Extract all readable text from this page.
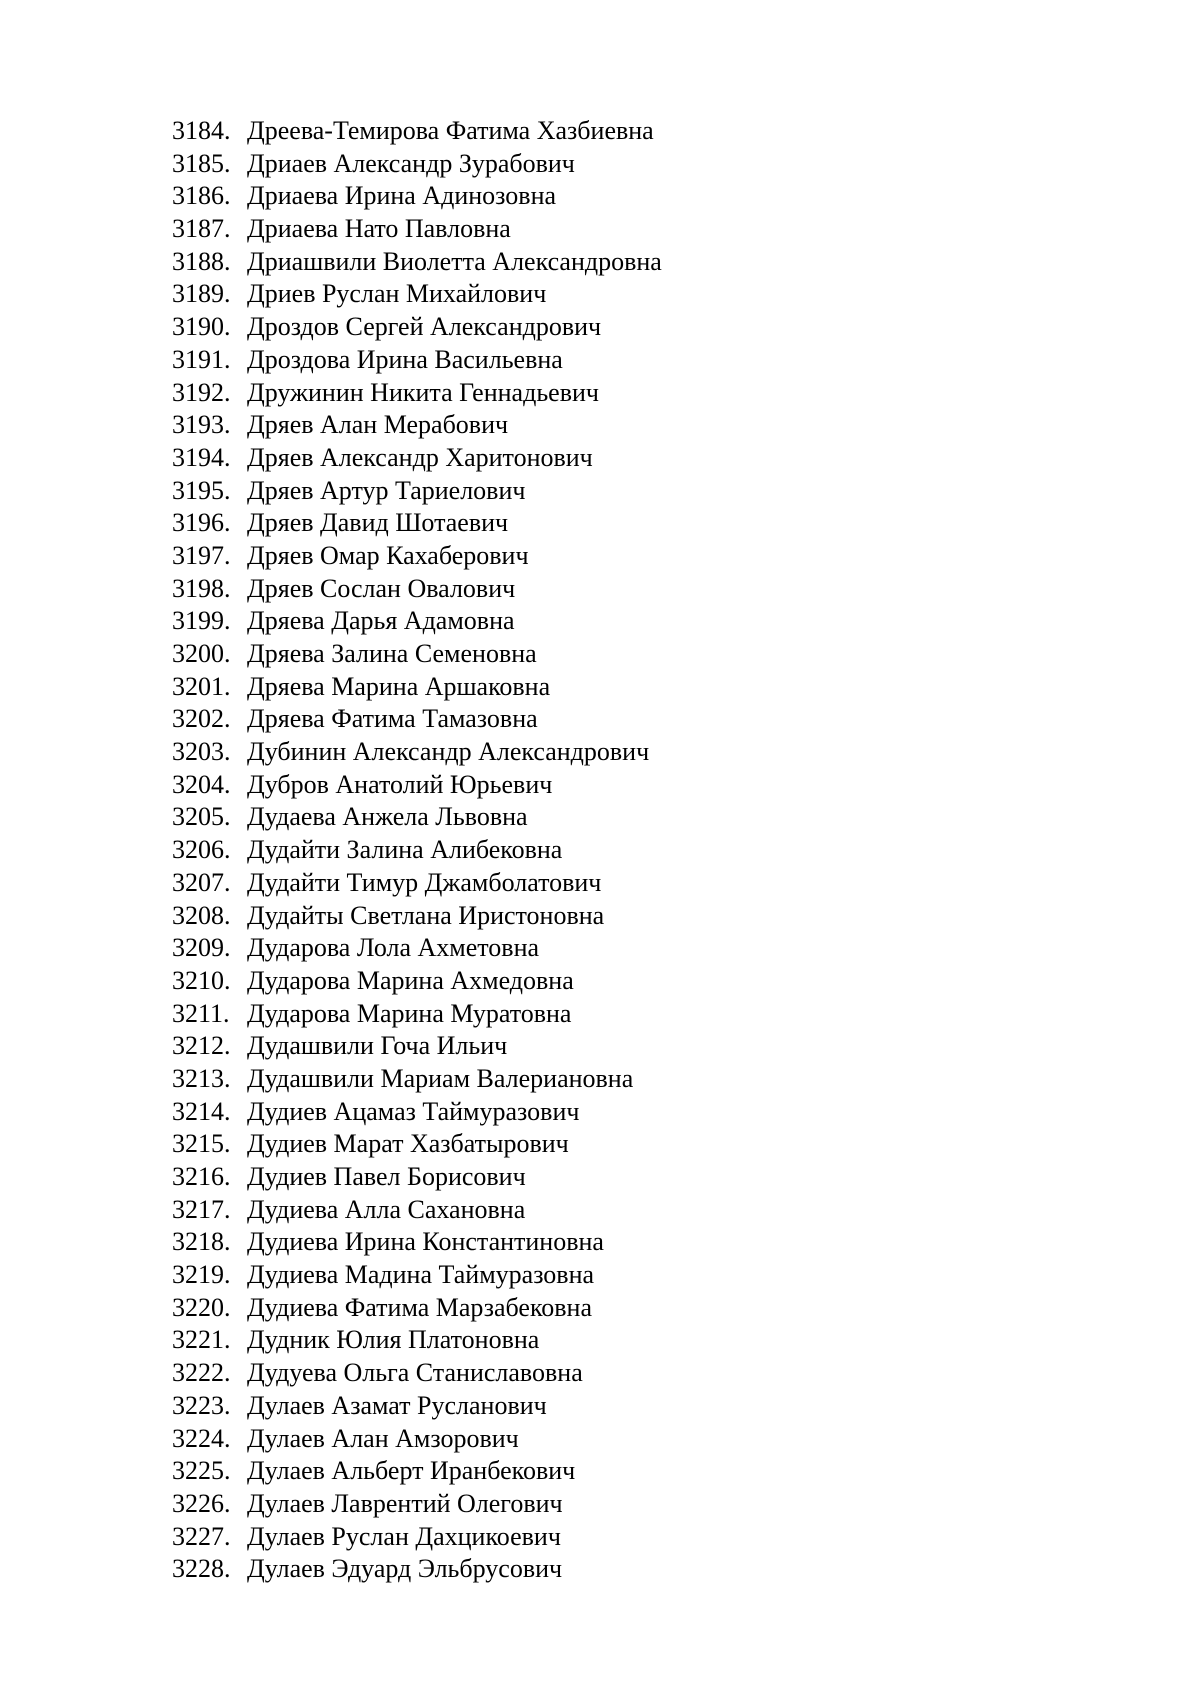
3184. Дреева-Темирова Фатима Хазбиевна
3185. Дриаев Александр Зурабович
3186. Дриаева Ирина Адинозовна
3187. Дриаева Нато Павловна
3188. Дриашвили Виолетта Александровна
3189. Дриев Руслан Михайлович
3190. Дроздов Сергей Александрович
3191. Дроздова Ирина Васильевна
3192. Дружинин Никита Геннадьевич
3193. Дряев Алан Мерабович
3194. Дряев Александр Харитонович
3195. Дряев Артур Тариелович
3196. Дряев Давид Шотаевич
3197. Дряев Омар Кахаберович
3198. Дряев Сослан Овалович
3199. Дряева Дарья Адамовна
3200. Дряева Залина Семеновна
3201. Дряева Марина Аршаковна
3202. Дряева Фатима Тамазовна
3203. Дубинин Александр Александрович
3204. Дубров Анатолий Юрьевич
3205. Дудаева Анжела Львовна
3206. Дудайти Залина Алибековна
3207. Дудайти Тимур Джамболатович
3208. Дудайты Светлана Иристоновна
3209. Дударова Лола Ахметовна
3210. Дударова Марина Ахмедовна
3211. Дударова Марина Муратовна
3212. Дудашвили Гоча Ильич
3213. Дудашвили Мариам Валериановна
3214. Дудиев Ацамаз Таймуразович
3215. Дудиев Марат Хазбатырович
3216. Дудиев Павел Борисович
3217. Дудиева Алла Сахановна
3218. Дудиева Ирина Константиновна
3219. Дудиева Мадина Таймуразовна
3220. Дудиева Фатима Марзабековна
3221. Дудник Юлия Платоновна
3222. Дудуева Ольга Станиславовна
3223. Дулаев Азамат Русланович
3224. Дулаев Алан Амзорович
3225. Дулаев Альберт Иранбекович
3226. Дулаев Лаврентий Олегович
3227. Дулаев Руслан Дахцикоевич
3228. Дулаев Эдуард Эльбрусович
